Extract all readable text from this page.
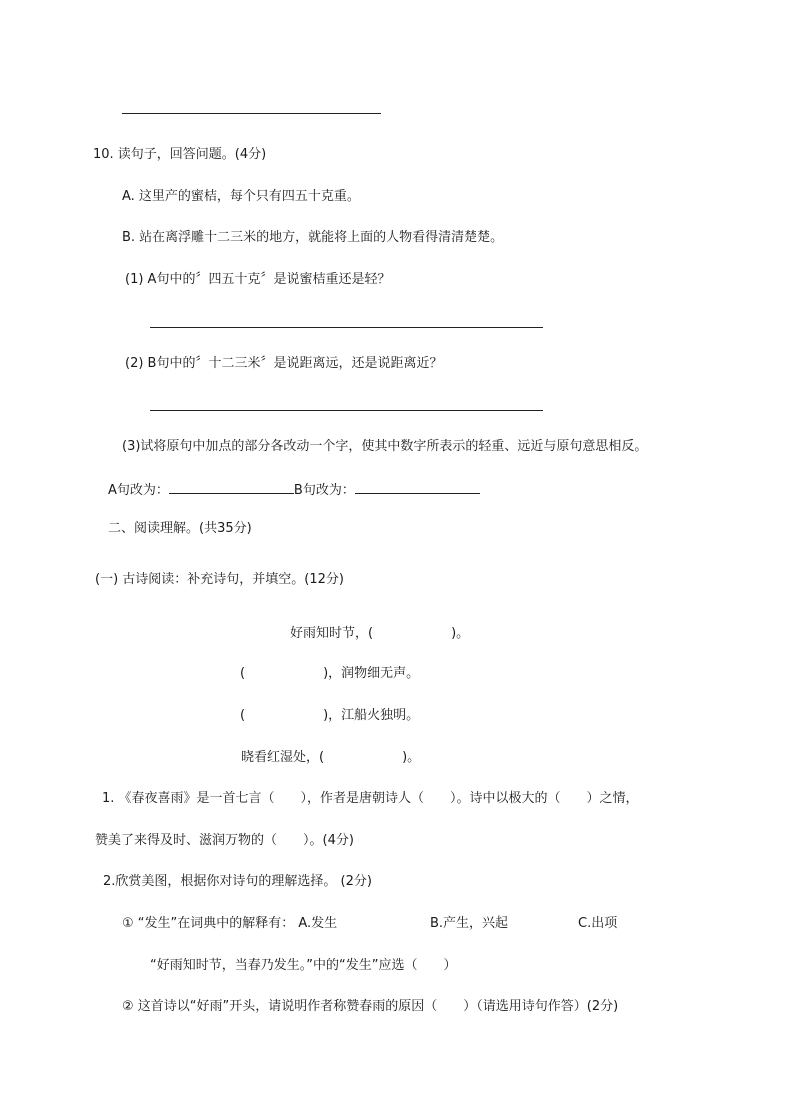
10. 读句子，回答问题。(4分)
A. 这里产的蜜桔，每个只有四五十克重。
B. 站在离浮雕十二三米的地方，就能将上面的人物看得清清楚楚。
(1) A句中的〞四五十克〞是说蜜桔重还是轻？
(2) B句中的〞十二三米〞是说距离远，还是说距离近？
(3)试将原句中加点的部分各改动一个字，使其中数字所表示的轻重、远近与原句意思相反。
A句改为：	B句改为：
二、阅读理解。(共35分)
(一) 古诗阅读：补充诗句，并填空。(12分)
好雨知时节，(　　　　　　)。
(　　　　　　)，润物细无声。
(　　　　　　)，江船火独明。
晓看红湿处，(　　　　　　)。
1. 《春夜喜雨》是一首七言（　　），作者是唐朝诗人（　　）。诗中以极大的（　　）之情，
赞美了来得及时、滋润万物的（　　）。(4分)
2.欣赏美图，根据你对诗句的理解选择。 (2分)
① “发生”在词典中的解释有： A.发生	B.产生，兴起	C.出项
“好雨知时节，当春乃发生。”中的“发生”应选（　　）
② 这首诗以“好雨”开头，请说明作者称赞春雨的原因（　　）（请选用诗句作答）(2分)
